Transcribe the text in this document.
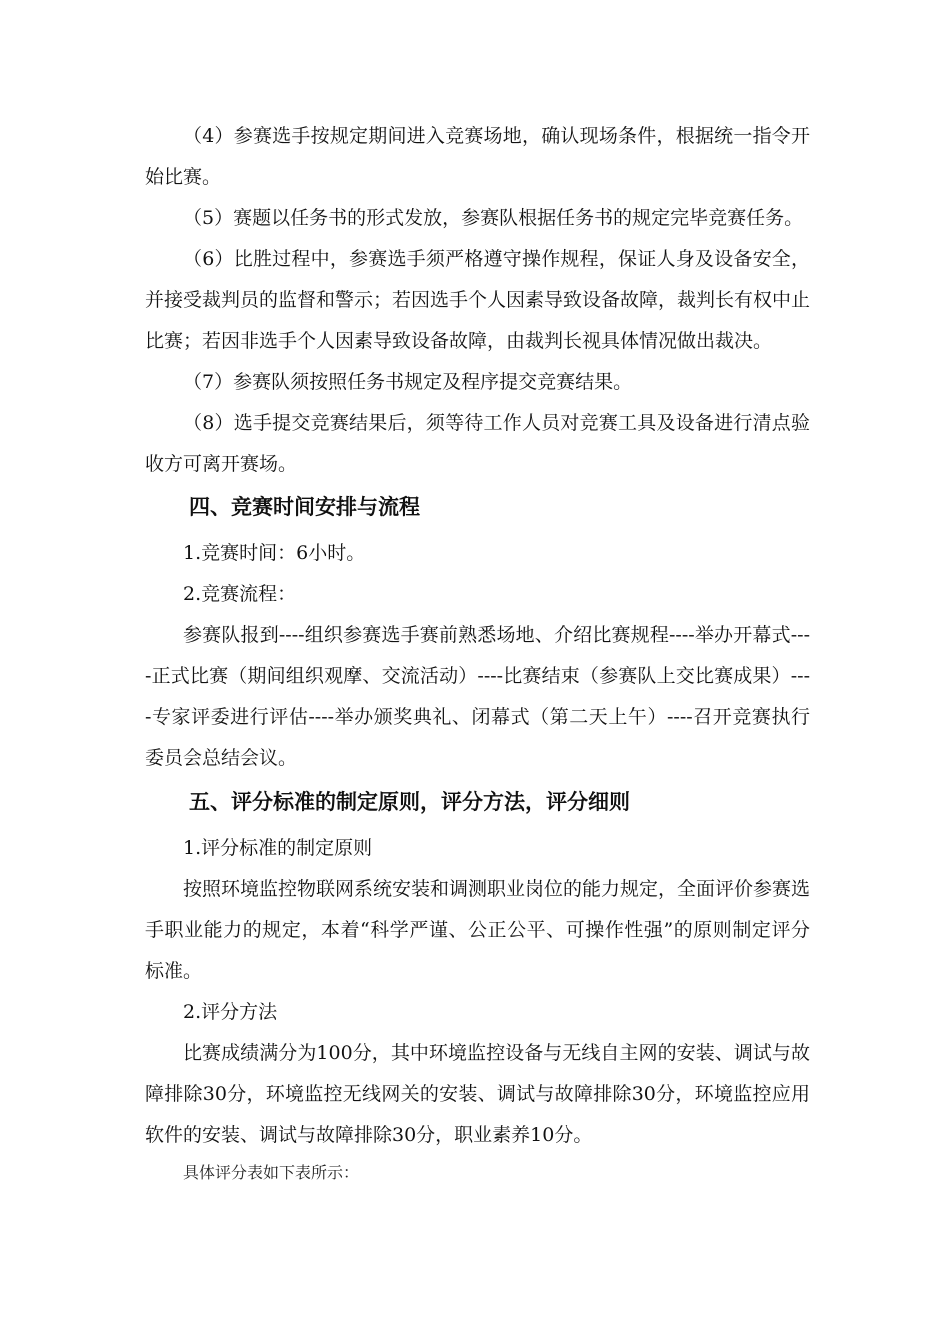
（4）参赛选手按规定期间进入竞赛场地，确认现场条件，根据统一指令开始比赛。

（5）赛题以任务书的形式发放，参赛队根据任务书的规定完毕竞赛任务。

（6）比胜过程中，参赛选手须严格遵守操作规程，保证人身及设备安全，并接受裁判员的监督和警示；若因选手个人因素导致设备故障，裁判长有权中止比赛；若因非选手个人因素导致设备故障，由裁判长视具体情况做出裁决。

（7）参赛队须按照任务书规定及程序提交竞赛结果。

（8）选手提交竞赛结果后，须等待工作人员对竞赛工具及设备进行清点验收方可离开赛场。

四、竞赛时间安排与流程

1.竞赛时间：6小时。

2.竞赛流程：

参赛队报到----组织参赛选手赛前熟悉场地、介绍比赛规程----举办开幕式----正式比赛（期间组织观摩、交流活动）----比赛结束（参赛队上交比赛成果）----专家评委进行评估----举办颁奖典礼、闭幕式（第二天上午）----召开竞赛执行委员会总结会议。

五、评分标准的制定原则，评分方法，评分细则

1.评分标准的制定原则

按照环境监控物联网系统安装和调测职业岗位的能力规定，全面评价参赛选手职业能力的规定，本着“科学严谨、公正公平、可操作性强”的原则制定评分标准。

2.评分方法

比赛成绩满分为100分，其中环境监控设备与无线自主网的安装、调试与故障排除30分，环境监控无线网关的安装、调试与故障排除30分，环境监控应用软件的安装、调试与故障排除30分，职业素养10分。

具体评分表如下表所示：
